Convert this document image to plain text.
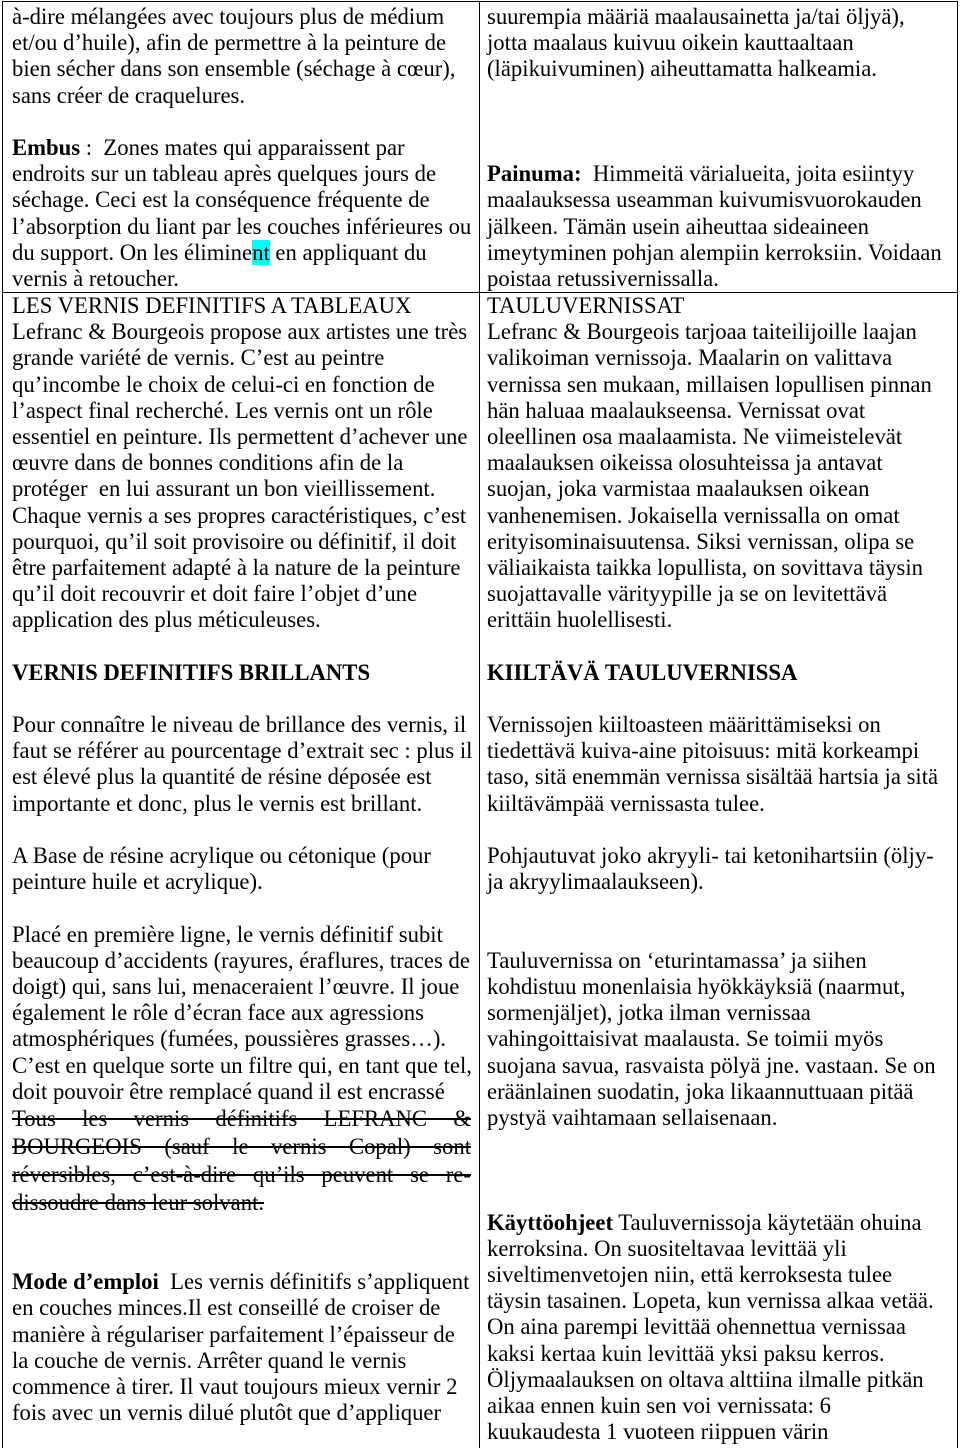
à-dire mélangées avec toujours plus de médium
et/ou d’huile), afin de permettre à la peinture de
bien sécher dans son ensemble (séchage à cœur),
sans créer de craquelures.
Embus :  Zones mates qui apparaissent par
endroits sur un tableau après quelques jours de
séchage. Ceci est la conséquence fréquente de
l’absorption du liant par les couches inférieures ou
du support. On les éliminent en appliquant du
vernis à retoucher.
suurempia määriä maalausainetta ja/tai öljyä),
jotta maalaus kuivuu oikein kauttaaltaan
(läpikuivuminen) aiheuttamatta halkeamia.
Painuma:  Himmeitä värialueita, joita esiintyy
maalauksessa useamman kuivumisvuorokauden
jälkeen. Tämän usein aiheuttaa sideaineen
imeytyminen pohjan alempiin kerroksiin. Voidaan
poistaa retussivernissalla.
LES VERNIS DEFINITIFS A TABLEAUX
Lefranc & Bourgeois propose aux artistes une très
grande variété de vernis. C’est au peintre
qu’incombe le choix de celui-ci en fonction de
l’aspect final recherché. Les vernis ont un rôle
essentiel en peinture. Ils permettent d’achever une
œuvre dans de bonnes conditions afin de la
protéger  en lui assurant un bon vieillissement.
Chaque vernis a ses propres caractéristiques, c’est
pourquoi, qu’il soit provisoire ou définitif, il doit
être parfaitement adapté à la nature de la peinture
qu’il doit recouvrir et doit faire l’objet d’une
application des plus méticuleuses.
VERNIS DEFINITIFS BRILLANTS
Pour connaître le niveau de brillance des vernis, il
faut se référer au pourcentage d’extrait sec : plus il
est élevé plus la quantité de résine déposée est
importante et donc, plus le vernis est brillant.
A Base de résine acrylique ou cétonique (pour
peinture huile et acrylique).
Placé en première ligne, le vernis définitif subit
beaucoup d’accidents (rayures, éraflures, traces de
doigt) qui, sans lui, menaceraient l’œuvre. Il joue
également le rôle d’écran face aux agressions
atmosphériques (fumées, poussières grasses…).
C’est en quelque sorte un filtre qui, en tant que tel,
doit pouvoir être remplacé quand il est encrassé
Tous les vernis définitifs LEFRANC &
BOURGEOIS (sauf le vernis Copal) sont
réversibles, c’est-à-dire qu’ils peuvent se re-
dissoudre dans leur solvant.
Mode d’emploi  Les vernis définitifs s’appliquent
en couches minces.Il est conseillé de croiser de
manière à régulariser parfaitement l’épaisseur de
la couche de vernis. Arrêter quand le vernis
commence à tirer. Il vaut toujours mieux vernir 2
fois avec un vernis dilué plutôt que d’appliquer
TAULUVERNISSAT
Lefranc & Bourgeois tarjoaa taiteilijoille laajan
valikoiman vernissoja. Maalarin on valittava
vernissa sen mukaan, millaisen lopullisen pinnan
hän haluaa maalaukseensa. Vernissat ovat
oleellinen osa maalaamista. Ne viimeistelevät
maalauksen oikeissa olosuhteissa ja antavat
suojan, joka varmistaa maalauksen oikean
vanhenemisen. Jokaisella vernissalla on omat
erityisominaisuutensa. Siksi vernissan, olipa se
väliaikaista taikka lopullista, on sovittava täysin
suojattavalle värityypille ja se on levitettävä
erittäin huolellisesti.
KIILTÄVÄ TAULUVERNISSA
Vernissojen kiiltoasteen määrittämiseksi on
tiedettävä kuiva-aine pitoisuus: mitä korkeampi
taso, sitä enemmän vernissa sisältää hartsia ja sitä
kiiltävämpää vernissasta tulee.
Pohjautuvat joko akryyli- tai ketonihartsiin (öljy-
ja akryylimaalaukseen).
Tauluvernissa on ‘eturintamassa’ ja siihen
kohdistuu monenlaisia hyökkäyksiä (naarmut,
sormenjäljet), jotka ilman vernissaa
vahingoittaisivat maalausta. Se toimii myös
suojana savua, rasvaista pölyä jne. vastaan. Se on
eräänlainen suodatin, joka likaannuttuaan pitää
pystyä vaihtamaan sellaisenaan.
Käyttöohjeet Tauluvernissoja käytetään ohuina
kerroksina. On suositeltavaa levittää yli
siveltimenvetojen niin, että kerroksesta tulee
täysin tasainen. Lopeta, kun vernissa alkaa vetää.
On aina parempi levittää ohennettua vernissaa
kaksi kertaa kuin levittää yksi paksu kerros.
Öljymaalauksen on oltava alttiina ilmalle pitkän
aikaa ennen kuin sen voi vernissata: 6
kuukaudesta 1 vuoteen riippuen värin
